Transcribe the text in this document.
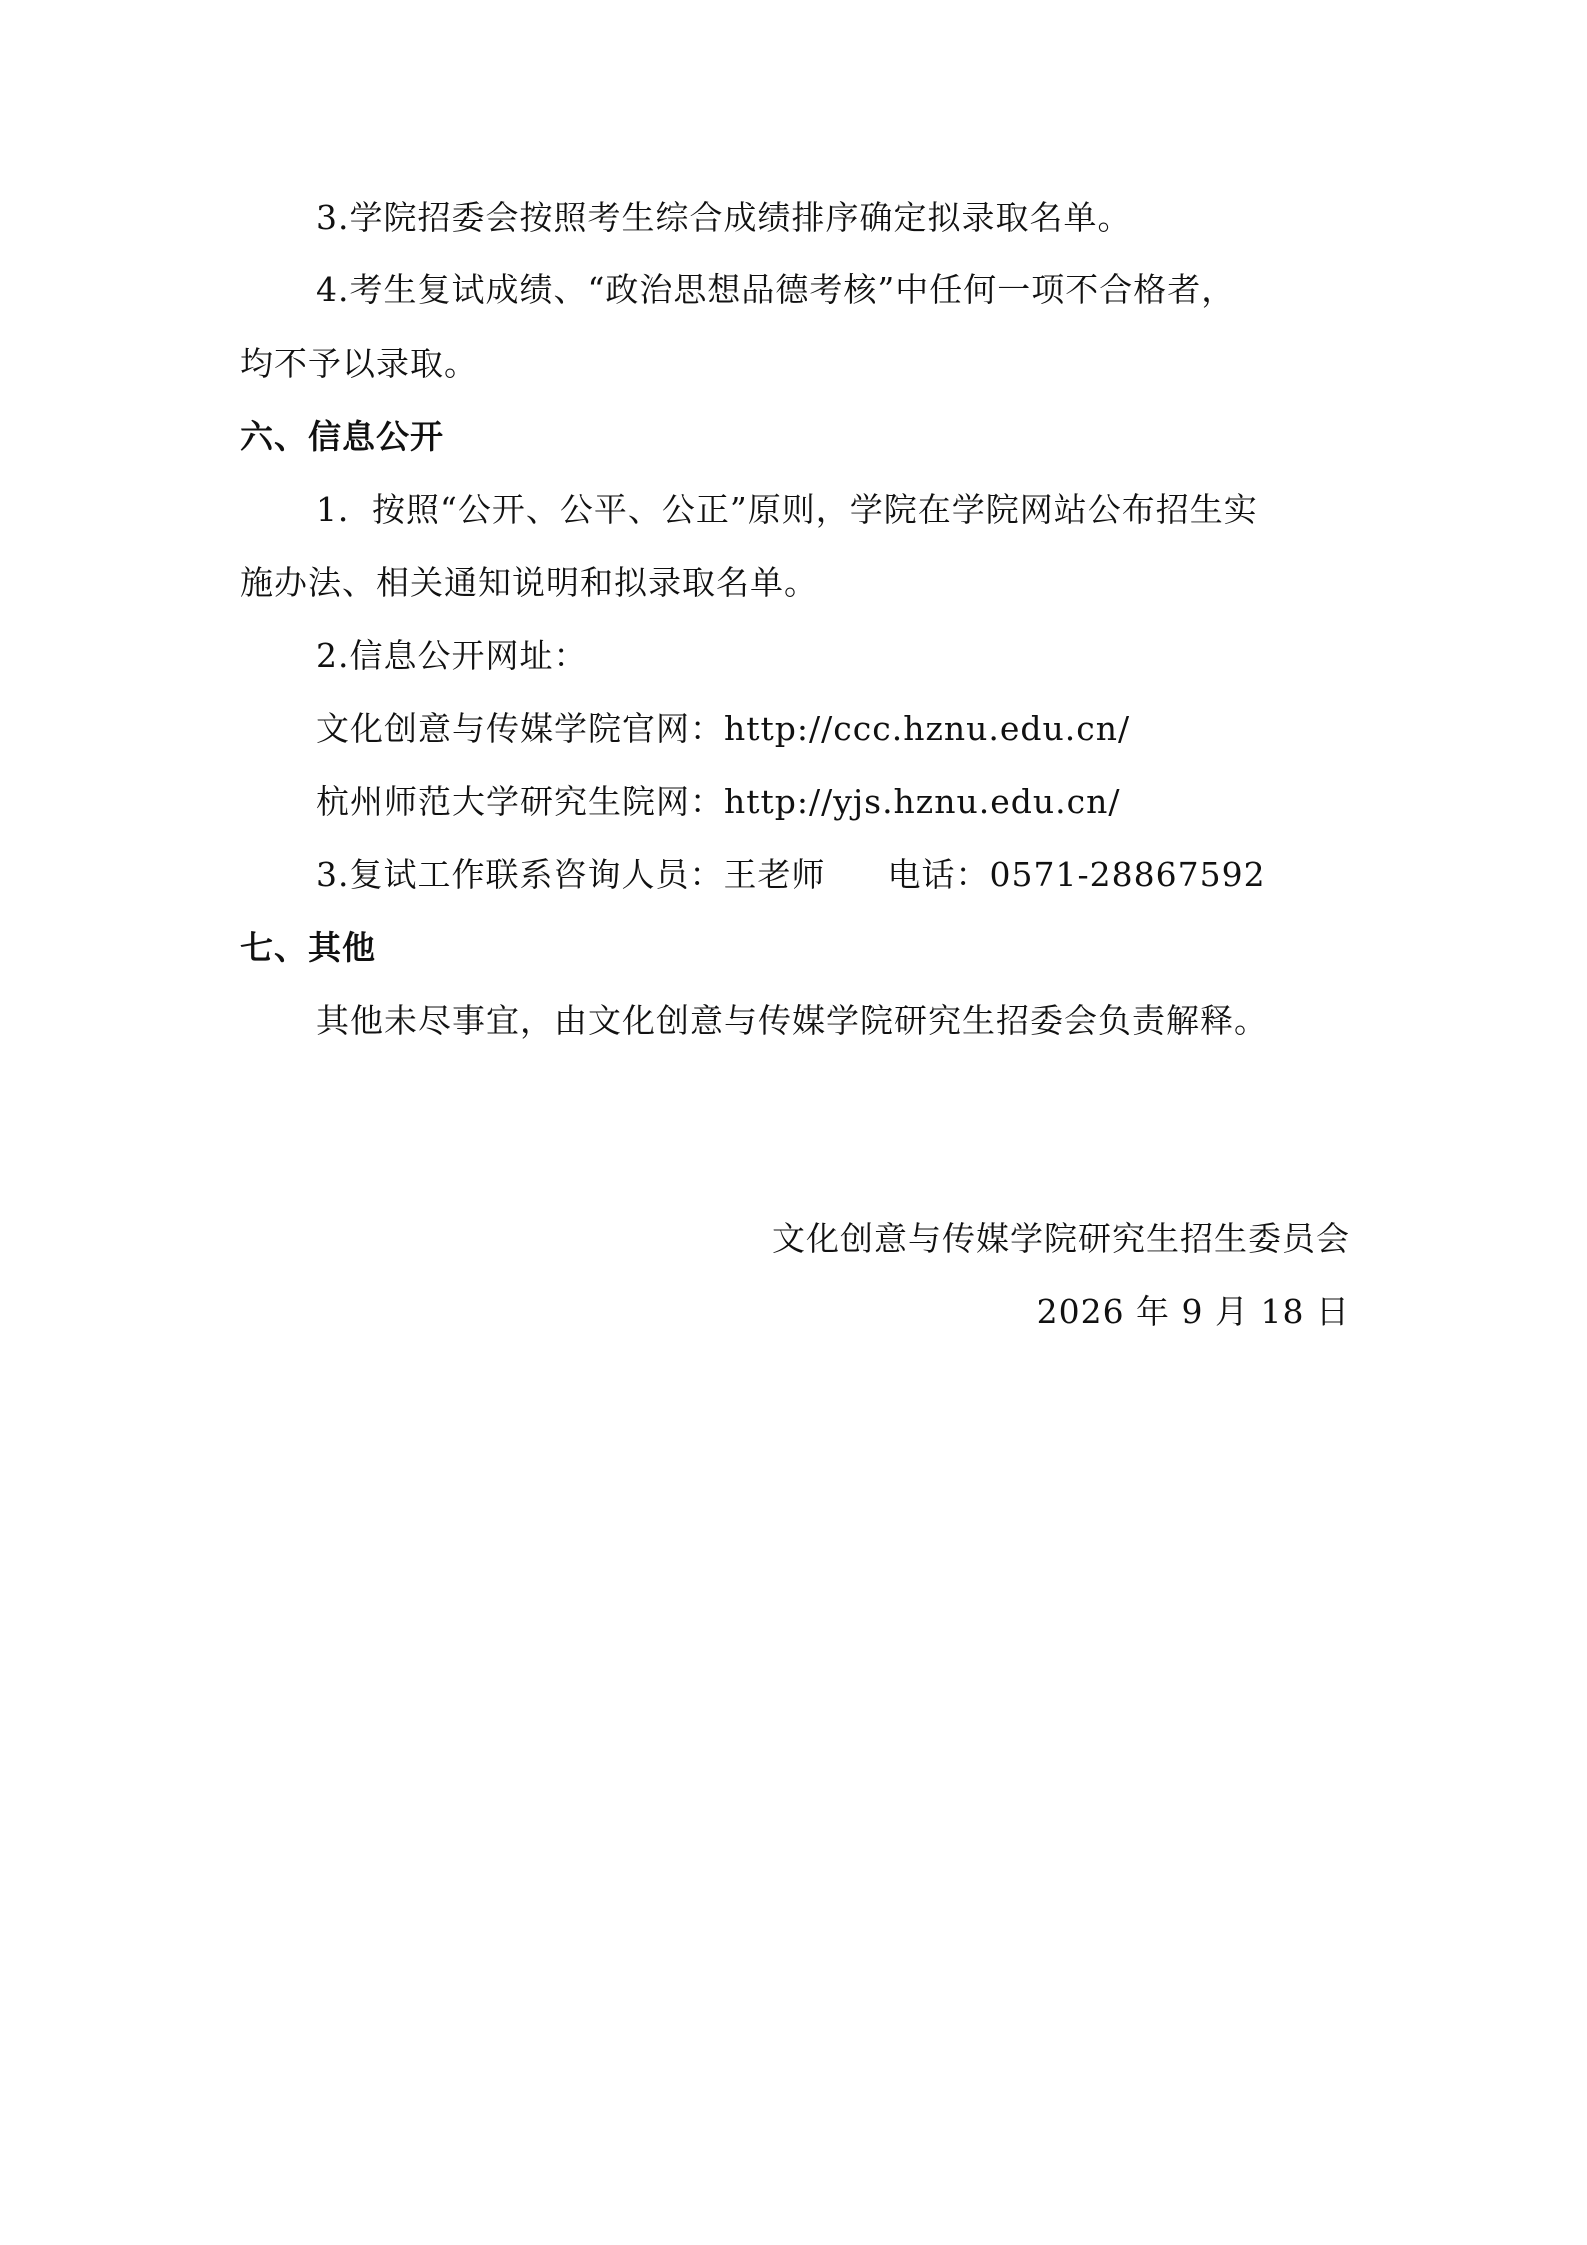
3.学院招委会按照考生综合成绩排序确定拟录取名单。
4.考生复试成绩、“政治思想品德考核”中任何一项不合格者，
均不予以录取。
六、信息公开
1．按照“公开、公平、公正”原则，学院在学院网站公布招生实
施办法、相关通知说明和拟录取名单。
2.信息公开网址：
文化创意与传媒学院官网：http://ccc.hznu.edu.cn/
杭州师范大学研究生院网：http://yjs.hznu.edu.cn/
3.复试工作联系咨询人员：王老师 电话：0571-28867592
七、其他
其他未尽事宜，由文化创意与传媒学院研究生招委会负责解释。
文化创意与传媒学院研究生招生委员会
2026 年 9 月 18 日
